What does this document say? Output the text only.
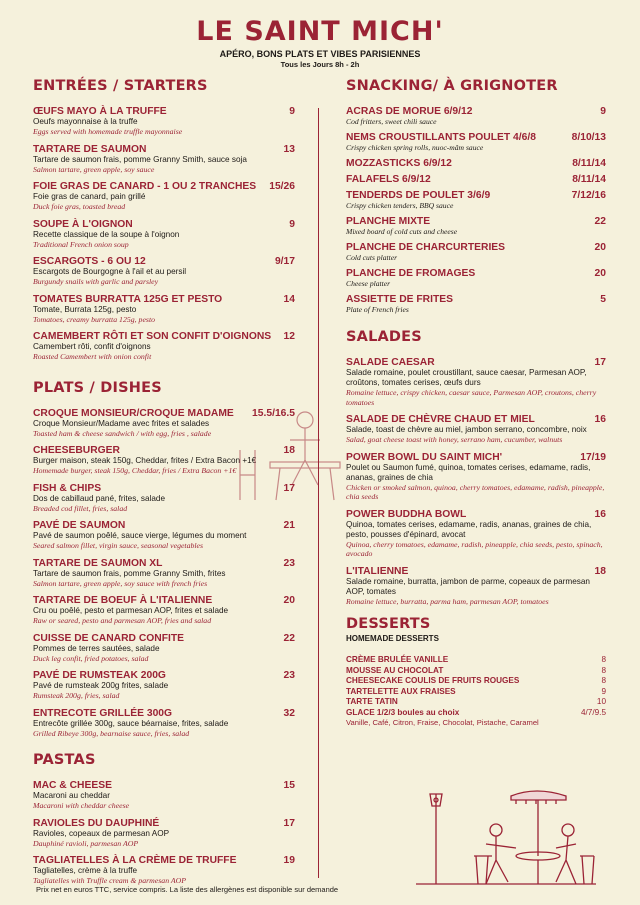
LE SAINT MICH'
APÉRO, BONS PLATS ET VIBES PARISIENNES
Tous les Jours 8h - 2h
ENTRÉES / STARTERS
ŒUFS MAYO À LA TRUFFE	9
Oeufs mayonnaise à la truffe
Eggs served with homemade truffle mayonnaise
TARTARE DE SAUMON	13
Tartare de saumon frais, pomme Granny Smith, sauce soja
Salmon tartare, green apple, soy sauce
FOIE GRAS DE CANARD - 1 OU 2 TRANCHES 15/26
Foie gras de canard, pain grillé
Duck foie gras, toasted bread
SOUPE À L'OIGNON	9
Recette classique de la soupe à l'oignon
Traditional French onion soup
ESCARGOTS - 6 OU 12	9/17
Escargots de Bourgogne à l'ail et au persil
Burgundy snails with garlic and parsley
TOMATES BURRATTA 125G ET PESTO	14
Tomate, Burrata 125g, pesto
Tomatoes, creamy burratta 125g, pesto
CAMEMBERT RÔTI ET SON CONFIT D'OIGNONS 12
Camembert rôti, confit d'oignons
Roasted Camembert with onion confit
PLATS / DISHES
CROQUE MONSIEUR/CROQUE MADAME 15.5/16.5
Croque Monsieur/Madame avec frites et salades
Toasted ham & cheese sandwich / with egg, fries , salade
CHEESEBURGER	18
Burger maison, steak 150g, Cheddar, frites / Extra Bacon +1€
Homemade burger, steak 150g, Cheddar, fries / Extra Bacon +1€
FISH & CHIPS	17
Dos de cabillaud pané, frites, salade
Breaded cod fillet, fries, salad
PAVÉ DE SAUMON	21
Pavé de saumon poêlé, sauce vierge, légumes du moment
Seared salmon fillet, virgin sauce, seasonal vegetables
TARTARE DE SAUMON XL	23
Tartare de saumon frais, pomme Granny Smith, frites
Salmon tartare, green apple, soy sauce with french fries
TARTARE DE BOEUF À L'ITALIENNE	20
Cru ou poêlé, pesto et parmesan AOP, frites et salade
Raw or seared, pesto and parmesan AOP, fries and salad
CUISSE DE CANARD CONFITE	22
Pommes de terres sautées, salade
Duck leg confit, fried potatoes, salad
PAVÉ DE RUMSTEAK 200G	23
Pavé de rumsteak 200g frites, salade
Rumsteak 200g, fries, salad
ENTRECOTE GRILLÉE 300G	32
Entrecôte grillée 300g, sauce béarnaise, frites, salade
Grilled Ribeye 300g, bearnaise sauce, fries, salad
PASTAS
MAC & CHEESE	15
Macaroni au cheddar
Macaroni with cheddar cheese
RAVIOLES DU DAUPHINÉ	17
Ravioles, copeaux de parmesan AOP
Dauphiné ravioli, parmesan AOP
TAGLIATELLES À LA CRÈME DE TRUFFE	19
Tagliatelles, crème à la truffe
Tagliatelles with Truffle cream & parmesan AOP
SNACKING/ À GRIGNOTER
ACRAS DE MORUE 6/9/12	9
Cod fritters, sweet chili sauce
NEMS CROUSTILLANTS POULET 4/6/8	8/10/13
Crispy chicken spring rolls, nuoc-mâm sauce
MOZZASTICKS 6/9/12	8/11/14
FALAFELS 6/9/12	8/11/14
TENDERDS DE POULET 3/6/9	7/12/16
Crispy chicken tenders, BBQ sauce
PLANCHE MIXTE	22
Mixed board of cold cuts and cheese
PLANCHE DE CHARCURTERIES	20
Cold cuts platter
PLANCHE DE FROMAGES	20
Cheese platter
ASSIETTE DE FRITES	5
Plate of French fries
SALADES
SALADE CAESAR	17
Salade romaine, poulet croustillant, sauce caesar, Parmesan AOP, croûtons, tomates cerises, œufs durs
Romaine lettuce, crispy chicken, caesar sauce, Parmesan AOP, croutons, cherry tomatoes
SALADE DE CHÈVRE CHAUD ET MIEL	16
Salade, toast de chèvre au miel, jambon serrano, concombre, noix
Salad, goat cheese toast with honey, serrano ham, cucumber, walnuts
POWER BOWL DU SAINT MICH'	17/19
Poulet ou Saumon fumé, quinoa, tomates cerises, edamame, radis, ananas, graines de chia
Chicken or smoked salmon, quinoa, cherry tomatoes, edamame, radish, pineapple, chia seeds
POWER BUDDHA BOWL	16
Quinoa, tomates cerises, edamame, radis, ananas, graines de chia, pesto, pousses d'épinard, avocat
Quinoa, cherry tomatoes, edamame, radish, pineapple, chia seeds, pesto, spinach, avocado
L'ITALIENNE	18
Salade romaine, burratta, jambon de parme, copeaux de parmesan AOP, tomates
Romaine lettuce, burratta, parma ham, parmesan AOP, tomatoes
DESSERTS
HOMEMADE DESSERTS
CRÈME BRULÉE VANILLE	8
MOUSSE AU CHOCOLAT	8
CHEESECAKE COULIS DE FRUITS ROUGES	8
TARTELETTE AUX FRAISES	9
TARTE TATIN	10
GLACE 1/2/3 boules au choix	4/7/9.5
Vanille, Café, Citron, Fraise, Chocolat, Pistache, Caramel
Prix net en euros TTC, service compris. La liste des allergènes est disponible sur demande
